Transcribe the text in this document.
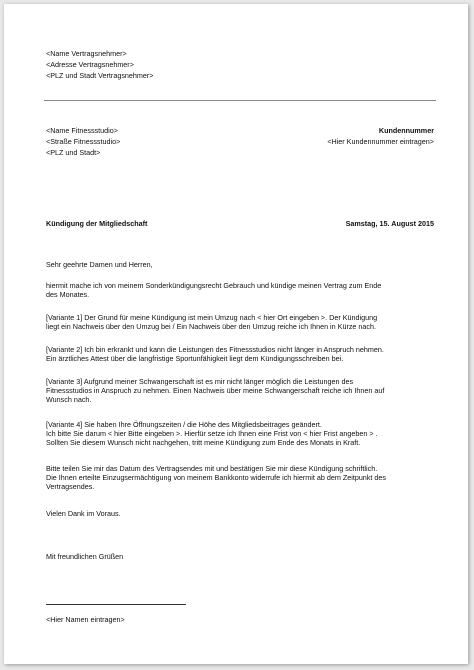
<Name Vertragsnehmer>
<Adresse Vertragsnehmer>
<PLZ und Stadt Vertragsnehmer>
<Name Fitnessstudio>
<Straße Fitnessstudio>
<PLZ und Stadt>
Kundennummer
<Hier Kundennummer eintragen>
Kündigung der Mitgliedschaft	Samstag, 15. August 2015

Sehr geehrte Damen und Herren,

hiermit mache ich von meinem Sonderkündigungsrecht Gebrauch und kündige meinen Vertrag zum Ende

des Monates.

[Variante 1] Der Grund für meine Kündigung ist mein Umzug nach < hier Ort eingeben >. Der Kündigung

liegt ein Nachweis über den Umzug bei / Ein Nachweis über den Umzug reiche ich Ihnen in Kürze nach.

[Variante 2] Ich bin erkrankt und kann die Leistungen des Fitnessstudios nicht länger in Anspruch nehmen.

Ein ärztliches Attest über die langfristige Sportunfähigkeit liegt dem Kündigungsschreiben bei.

[Variante 3] Aufgrund meiner Schwangerschaft ist es mir nicht länger möglich die Leistungen des

Fitnessstudios in Anspruch zu nehmen. Einen Nachweis über meine Schwangerschaft reiche ich Ihnen auf

Wunsch nach.

[Variante 4] Sie haben Ihre Öffnungszeiten / die Höhe des Mitgliedsbeitrages geändert.

Ich bitte Sie darum < hier Bitte eingeben >. Hierfür setze ich Ihnen eine Frist von < hier Frist angeben > .

Sollten Sie diesem Wunsch nicht nachgehen, tritt meine Kündigung zum Ende des Monats in Kraft.

Bitte teilen Sie mir das Datum des Vertragsendes mit und bestätigen Sie mir diese Kündigung schriftlich.

Die Ihnen erteilte Einzugsermächtigung von meinem Bankkonto widerrufe ich hiermit ab dem Zeitpunkt des

Vertragsendes.

Vielen Dank im Voraus.

Mit freundlichen Grüßen

<Hier Namen eintragen>
